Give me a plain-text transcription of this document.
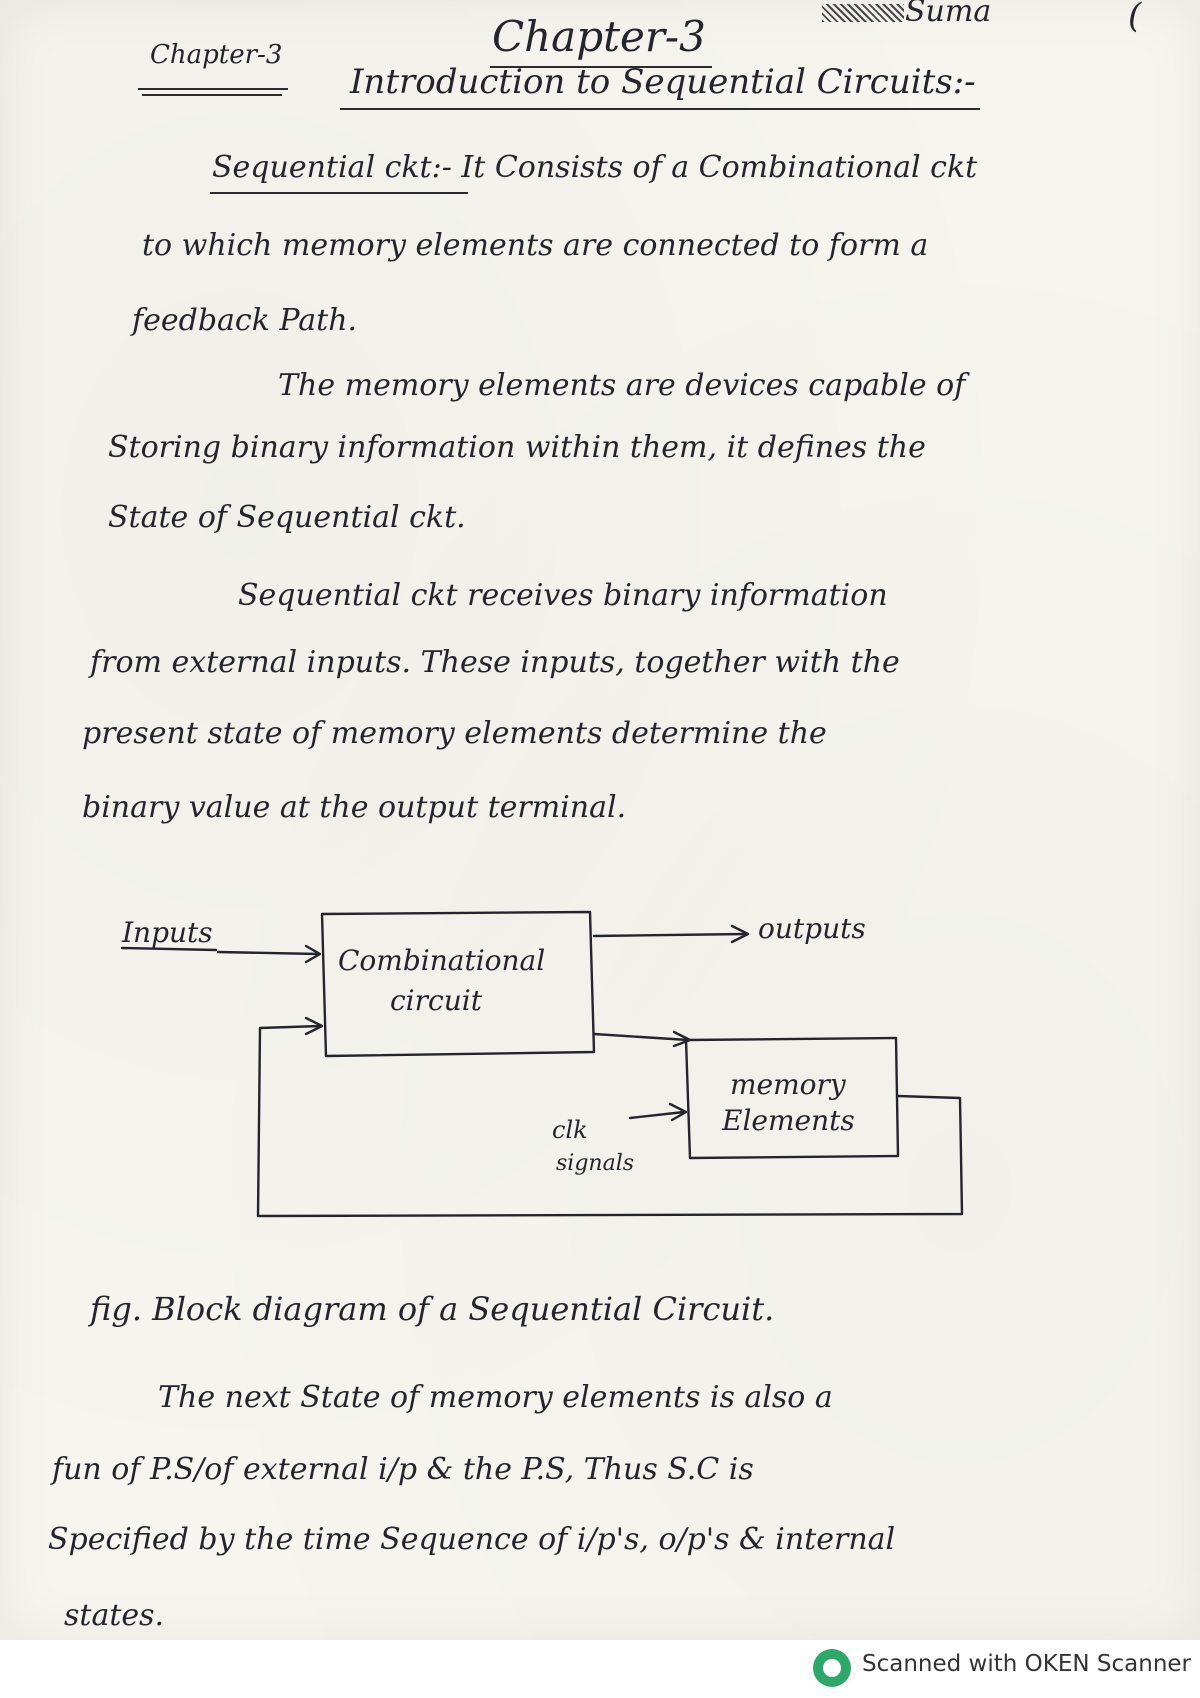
Suma	(
Chapter-3	Chapter-3
Introduction to Sequential Circuits:-
Sequential ckt:- It Consists of a Combinational ckt
to which memory elements are connected to form a
feedback Path.
The memory elements are devices capable of
Storing binary information within them, it defines the
State of Sequential ckt.
Sequential ckt receives binary information
from external inputs. These inputs, together with the
present state of memory elements determine the
binary value at the output terminal.
Inputs	outputs
Combinational
circuit
memory
Elements
clk
signals
fig. Block diagram of a Sequential Circuit.
The next State of memory elements is also a
fun of P.S/of external i/p & the P.S, Thus S.C is
Specified by the time Sequence of i/p's, o/p's & internal
states.
Scanned with OKEN Scanner
